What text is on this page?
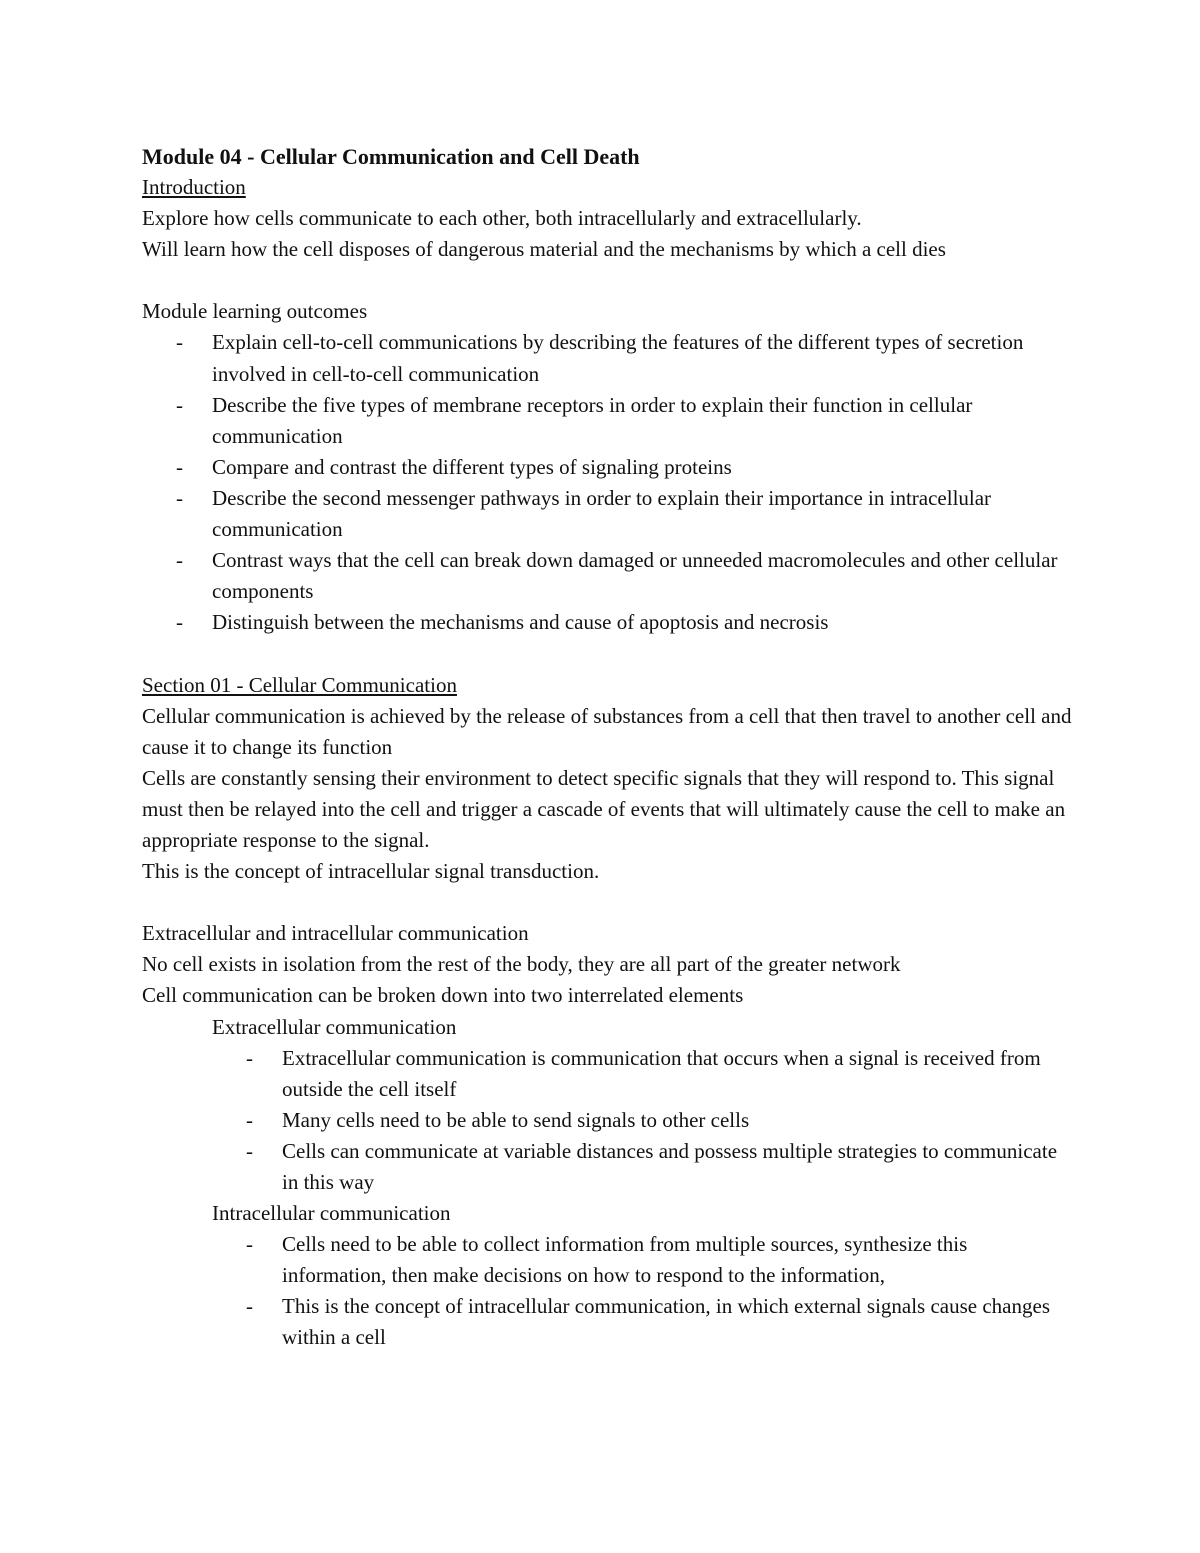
Module 04 - Cellular Communication and Cell Death

Introduction

Explore how cells communicate to each other, both intracellularly and extracellularly.

Will learn how the cell disposes of dangerous material and the mechanisms by which a cell dies

Module learning outcomes

- Explain cell-to-cell communications by describing the features of the different types of secretion involved in cell-to-cell communication
- Describe the five types of membrane receptors in order to explain their function in cellular communication
- Compare and contrast the different types of signaling proteins
- Describe the second messenger pathways in order to explain their importance in intracellular communication
- Contrast ways that the cell can break down damaged or unneeded macromolecules and other cellular components
- Distinguish between the mechanisms and cause of apoptosis and necrosis

Section 01 - Cellular Communication

Cellular communication is achieved by the release of substances from a cell that then travel to another cell and cause it to change its function

Cells are constantly sensing their environment to detect specific signals that they will respond to. This signal must then be relayed into the cell and trigger a cascade of events that will ultimately cause the cell to make an appropriate response to the signal.

This is the concept of intracellular signal transduction.

Extracellular and intracellular communication

No cell exists in isolation from the rest of the body, they are all part of the greater network

Cell communication can be broken down into two interrelated elements

Extracellular communication

- Extracellular communication is communication that occurs when a signal is received from outside the cell itself
- Many cells need to be able to send signals to other cells
- Cells can communicate at variable distances and possess multiple strategies to communicate in this way

Intracellular communication

- Cells need to be able to collect information from multiple sources, synthesize this information, then make decisions on how to respond to the information,
- This is the concept of intracellular communication, in which external signals cause changes within a cell
